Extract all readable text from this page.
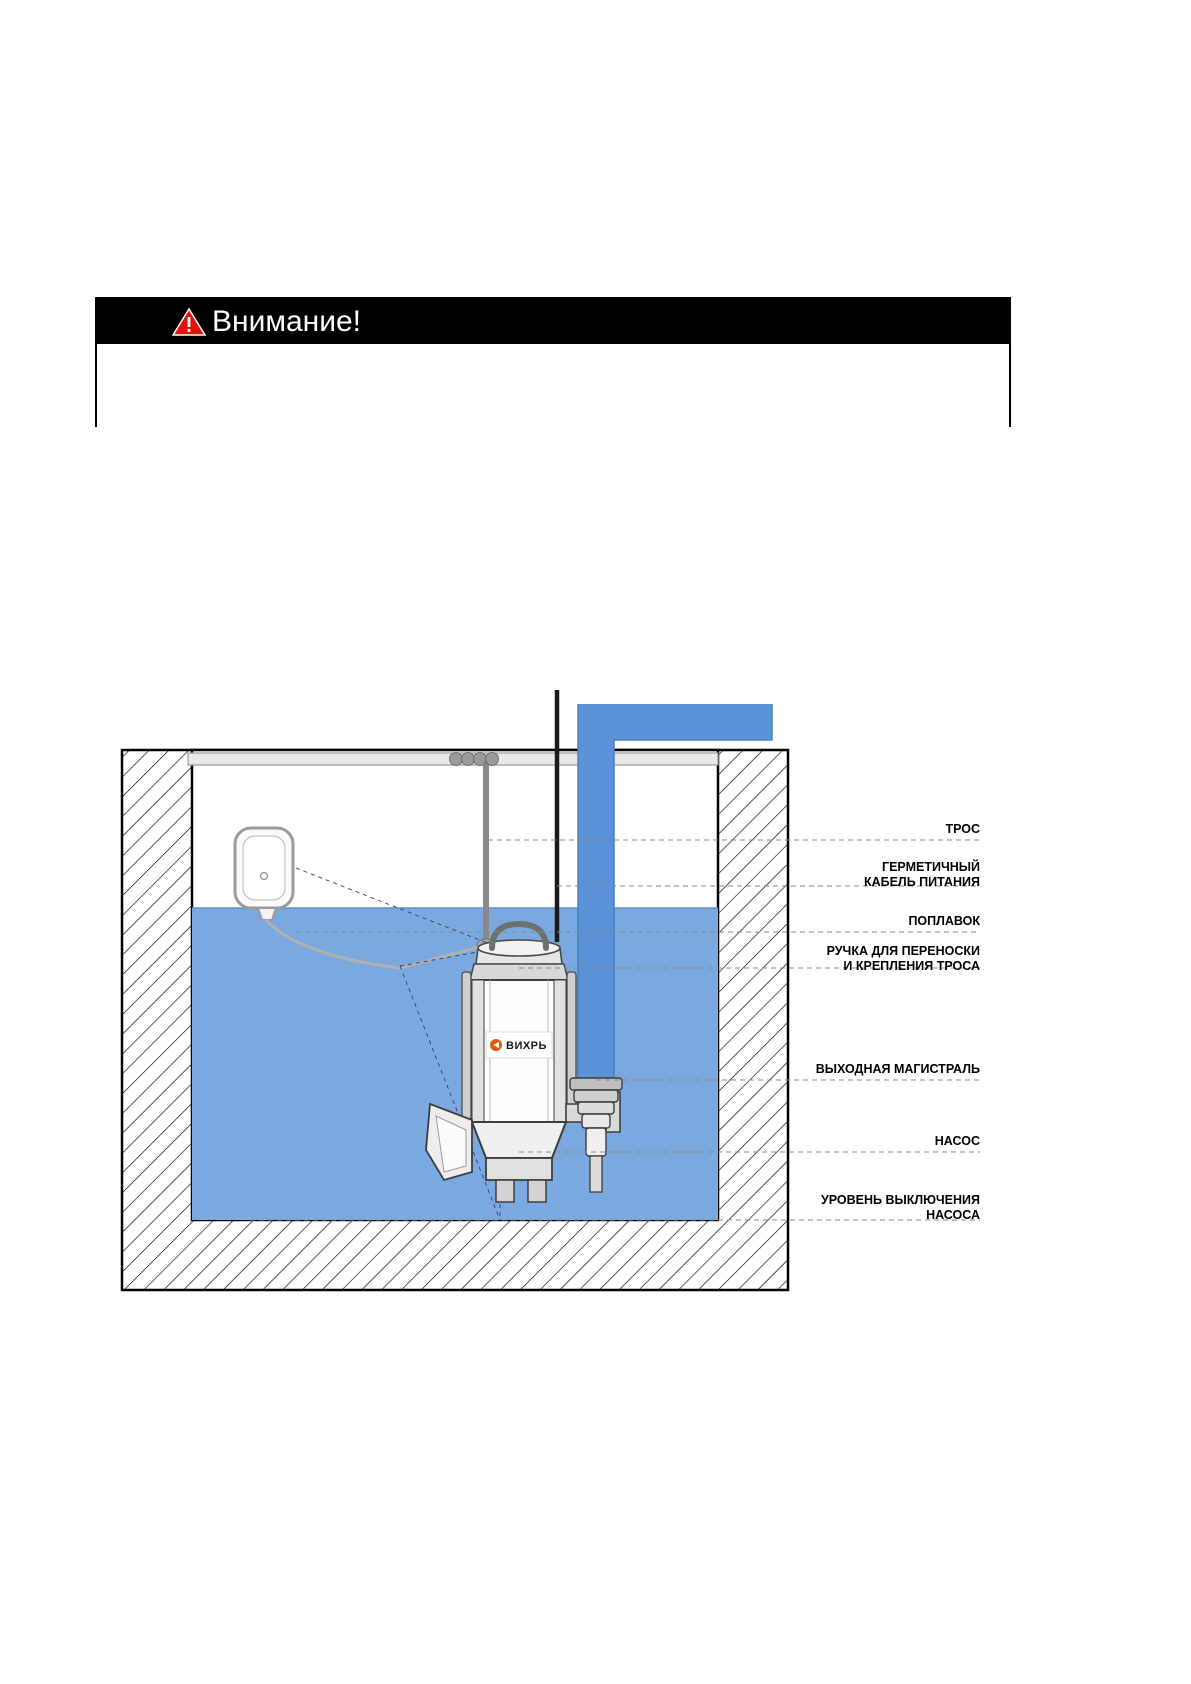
Внимание!
ВИХРЬ
ТРОС
ГЕРМЕТИЧНЫЙ
КАБЕЛЬ ПИТАНИЯ
ПОПЛАВОК
РУЧКА ДЛЯ ПЕРЕНОСКИ
И КРЕПЛЕНИЯ ТРОСА
ВЫХОДНАЯ МАГИСТРАЛЬ
НАСОС
УРОВЕНЬ ВЫКЛЮЧЕНИЯ
НАСОСА
